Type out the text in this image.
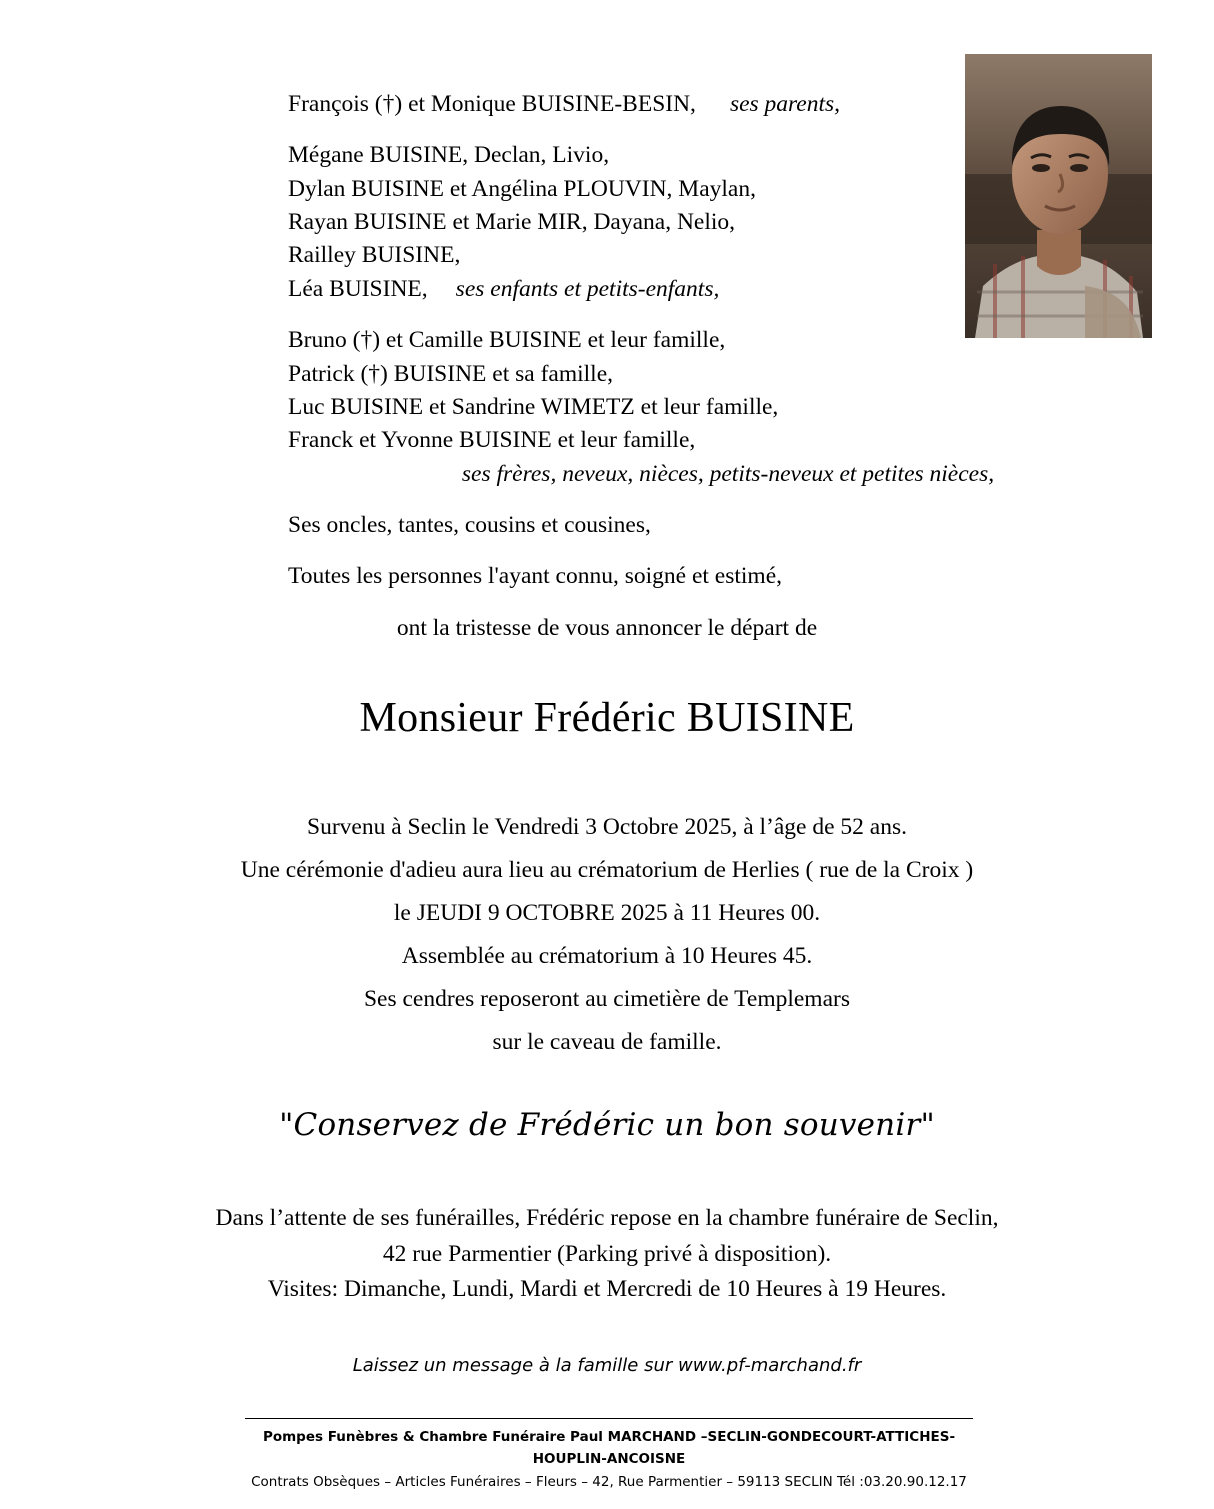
François (†) et Monique BUISINE-BESIN, ses parents,
Mégane BUISINE, Declan, Livio,
Dylan BUISINE et Angélina PLOUVIN, Maylan,
Rayan BUISINE et Marie MIR, Dayana, Nelio,
Railley BUISINE,
Léa BUISINE, ses enfants et petits-enfants,
Bruno (†) et Camille BUISINE et leur famille,
Patrick (†) BUISINE et sa famille,
Luc BUISINE et Sandrine WIMETZ et leur famille,
Franck et Yvonne BUISINE et leur famille,
ses frères, neveux, nièces, petits-neveux et petites nièces,
Ses oncles, tantes, cousins et cousines,
Toutes les personnes l'ayant connu, soigné et estimé,
ont la tristesse de vous annoncer le départ de
Monsieur Frédéric BUISINE
Survenu à Seclin le Vendredi 3 Octobre 2025, à l’âge de 52 ans.
Une cérémonie d'adieu aura lieu au crématorium de Herlies ( rue de la Croix )
le JEUDI 9 OCTOBRE 2025 à 11 Heures 00.
Assemblée au crématorium à 10 Heures 45.
Ses cendres reposeront au cimetière de Templemars
sur le caveau de famille.
"Conservez de Frédéric un bon souvenir"
Dans l’attente de ses funérailles, Frédéric repose en la chambre funéraire de Seclin,
42 rue Parmentier (Parking privé à disposition).
Visites: Dimanche, Lundi, Mardi et Mercredi de 10 Heures à 19 Heures.
Laissez un message à la famille sur www.pf-marchand.fr
Pompes Funèbres & Chambre Funéraire Paul MARCHAND –SECLIN-GONDECOURT-ATTICHES-HOUPLIN-ANCOISNE
Contrats Obsèques – Articles Funéraires – Fleurs – 42, Rue Parmentier – 59113 SECLIN Tél :03.20.90.12.17
